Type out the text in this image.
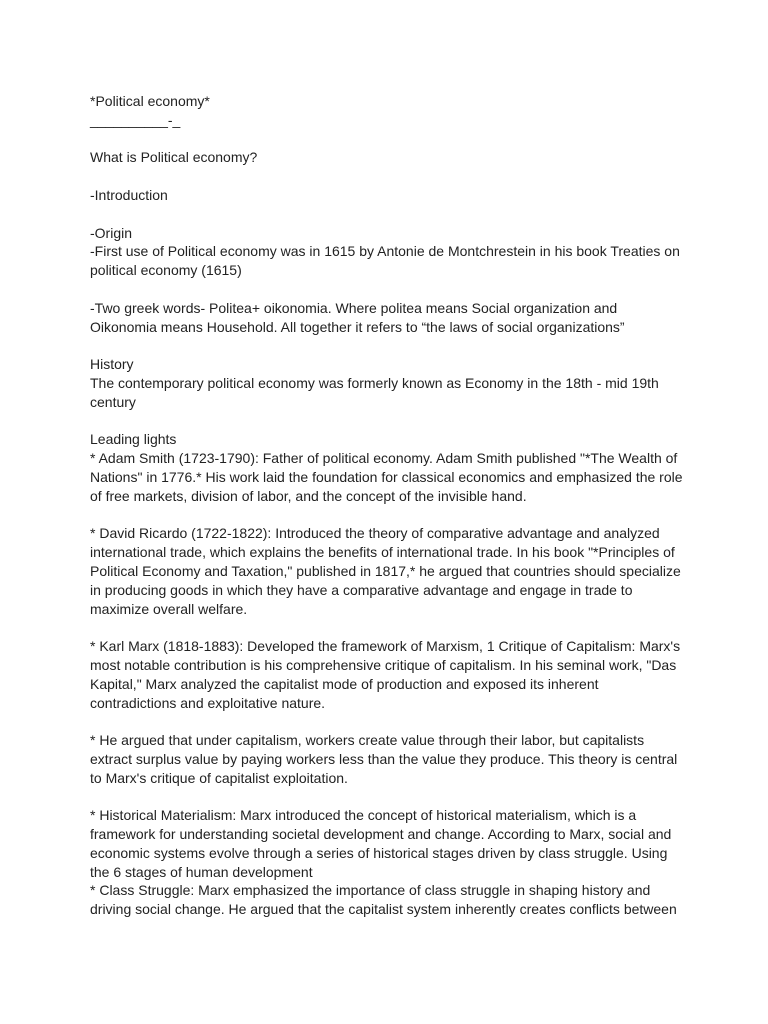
*Political economy*

__________-_

What is Political economy?

-Introduction

-Origin

-First use of Political economy was in 1615 by Antonie de Montchrestein in his book Treaties on

political economy (1615)

-Two greek words- Politea+ oikonomia. Where politea means Social organization and

Oikonomia means Household. All together it refers to “the laws of social organizations”

History

The contemporary political economy was formerly known as Economy in the 18th - mid 19th

century

Leading lights

* Adam Smith (1723-1790): Father of political economy. Adam Smith published "*The Wealth of

Nations" in 1776.* His work laid the foundation for classical economics and emphasized the role

of free markets, division of labor, and the concept of the invisible hand.

* David Ricardo (1722-1822): Introduced the theory of comparative advantage and analyzed

international trade, which explains the benefits of international trade. In his book "*Principles of

Political Economy and Taxation," published in 1817,* he argued that countries should specialize

in producing goods in which they have a comparative advantage and engage in trade to

maximize overall welfare.

* Karl Marx (1818-1883): Developed the framework of Marxism, 1 Critique of Capitalism: Marx's

most notable contribution is his comprehensive critique of capitalism. In his seminal work, "Das

Kapital," Marx analyzed the capitalist mode of production and exposed its inherent

contradictions and exploitative nature.

* He argued that under capitalism, workers create value through their labor, but capitalists

extract surplus value by paying workers less than the value they produce. This theory is central

to Marx's critique of capitalist exploitation.

* Historical Materialism: Marx introduced the concept of historical materialism, which is a

framework for understanding societal development and change. According to Marx, social and

economic systems evolve through a series of historical stages driven by class struggle. Using

the 6 stages of human development

* Class Struggle: Marx emphasized the importance of class struggle in shaping history and

driving social change. He argued that the capitalist system inherently creates conflicts between
